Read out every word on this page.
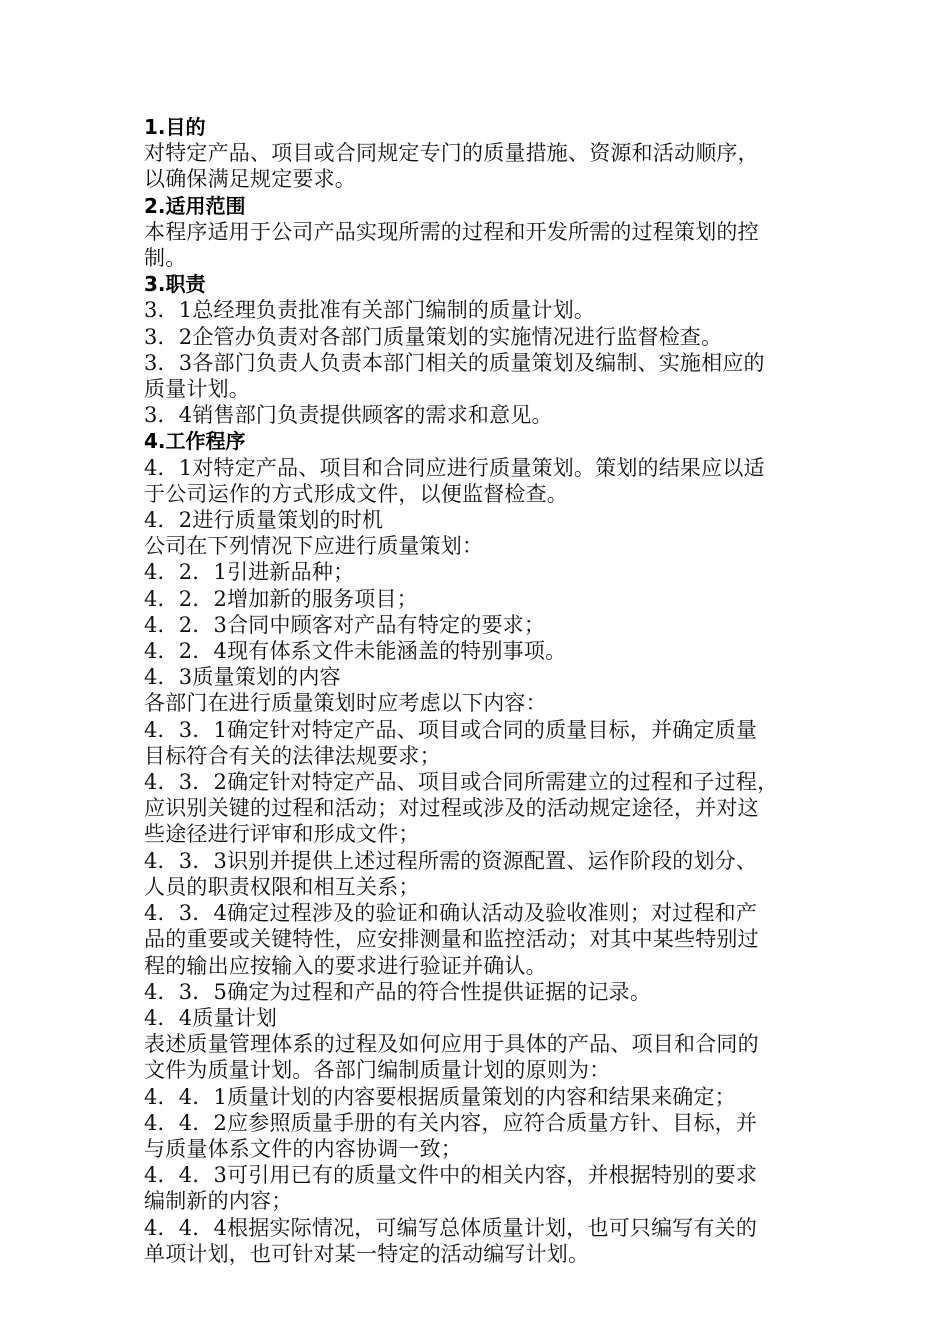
1.目的
对特定产品、项目或合同规定专门的质量措施、资源和活动顺序，
以确保满足规定要求。
2.适用范围
本程序适用于公司产品实现所需的过程和开发所需的过程策划的控
制。
3.职责
3．1总经理负责批准有关部门编制的质量计划。
3．2企管办负责对各部门质量策划的实施情况进行监督检查。
3．3各部门负责人负责本部门相关的质量策划及编制、实施相应的
质量计划。
3．4销售部门负责提供顾客的需求和意见。
4.工作程序
4．1对特定产品、项目和合同应进行质量策划。策划的结果应以适
于公司运作的方式形成文件，以便监督检查。
4．2进行质量策划的时机
公司在下列情况下应进行质量策划：
4．2．1引进新品种；
4．2．2增加新的服务项目；
4．2．3合同中顾客对产品有特定的要求；
4．2．4现有体系文件未能涵盖的特别事项。
4．3质量策划的内容
各部门在进行质量策划时应考虑以下内容：
4．3．1确定针对特定产品、项目或合同的质量目标，并确定质量
目标符合有关的法律法规要求；
4．3．2确定针对特定产品、项目或合同所需建立的过程和子过程，
应识别关键的过程和活动；对过程或涉及的活动规定途径，并对这
些途径进行评审和形成文件；
4．3．3识别并提供上述过程所需的资源配置、运作阶段的划分、
人员的职责权限和相互关系；
4．3．4确定过程涉及的验证和确认活动及验收准则；对过程和产
品的重要或关键特性，应安排测量和监控活动；对其中某些特别过
程的输出应按输入的要求进行验证并确认。
4．3．5确定为过程和产品的符合性提供证据的记录。
4．4质量计划
表述质量管理体系的过程及如何应用于具体的产品、项目和合同的
文件为质量计划。各部门编制质量计划的原则为：
4．4．1质量计划的内容要根据质量策划的内容和结果来确定；
4．4．2应参照质量手册的有关内容，应符合质量方针、目标，并
与质量体系文件的内容协调一致；
4．4．3可引用已有的质量文件中的相关内容，并根据特别的要求
编制新的内容；
4．4．4根据实际情况，可编写总体质量计划，也可只编写有关的
单项计划，也可针对某一特定的活动编写计划。
